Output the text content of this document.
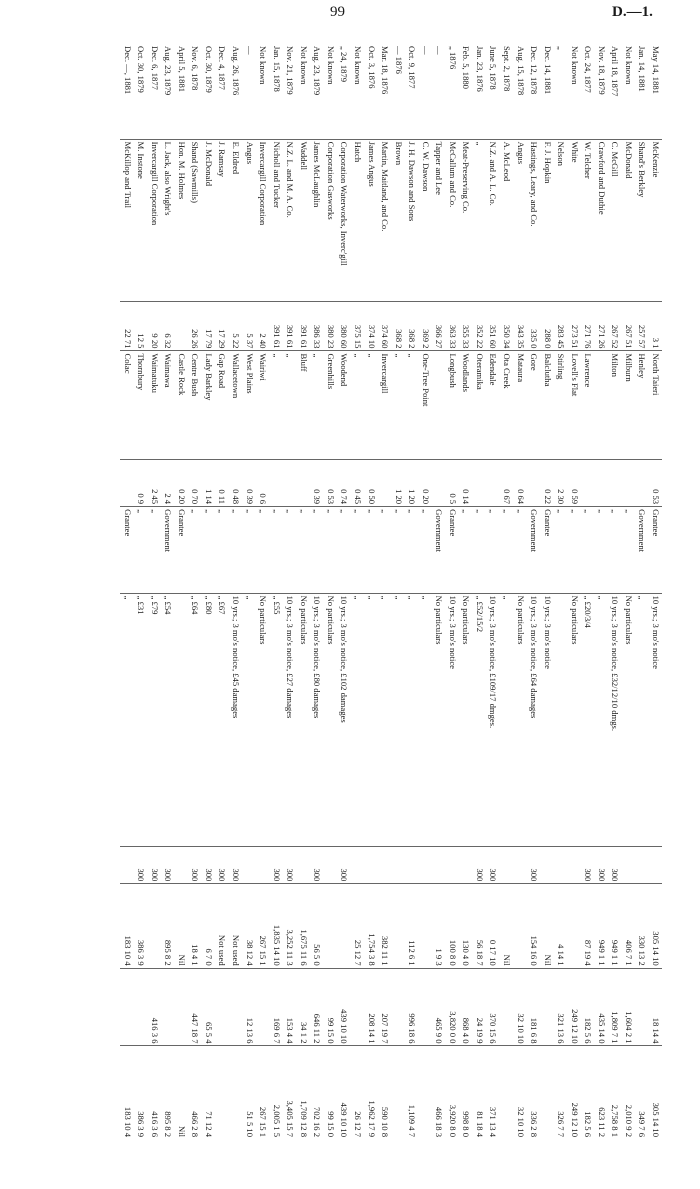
99	D.—1.
May 14, 1881	McKenzie	3 1	North Taieri	0 53	Grantee	10 yrs.; 3 mo's notice		305 14 10	18 14 4	305 14 10
Jan. 14, 1881	Shand's Berkley	257 57	Henley		Government	„		330 13 2		349 7 6
Not known	McDonald	267 51	Milburn		„	No particulars		406 7 1	1,604 2 1	2,010 9 2
April 18, 1877	C. McGill	267 52	Milton		„	10 yrs.; 3 mo's notice, £32/12/10 dmgs.	300	949 1 1	1,809 7 1	2,758 8 1
Nov. 18, 1879	Crawford and Duthie	271 26			„	„	300	949 1 1	435 14 0	623 11 2
Oct. 24, 1877	W. Telcher	271 76	Lawrence		„	„ £20/3/4	300	87 19 4	182 5 6	182 5 6
Not known	White	273 51	Lovell's Flat	0 59	„	No particulars			249 12 10	249 12 10
„	Nelson	283 45	Stirling	2 30	„			4 14 1	321 13 6	326 7 7
Dec. 14, 1881	F. J. Hopkin	288 0	Balclutha	0 22	Grantee	10 yrs.; 3 mo's notice		Nil		
Dec. 12, 1878	Hastings, Leary, and Co.	335 0	Gore		Government	10 yrs.; 3 mo's notice, £64 damages	300	154 16 0	181 6 8	336 2 8
Aug. 15, 1878	Angus	343 35	Mataura	0 64	„	No particulars			32 10 10	32 10 10
Sept. 2, 1878	A. McLeod	350 34	Ota Creek	0 67	„	„		Nil		
June 5, 1878	N.Z. and A. L. Co.	351 60	Edendale		„	10 yrs.; 3 mo's notice, £109/17 dmges.	300	0 17 10	370 15 6	371 13 4
Jan. 23, 1876	„	352 22	Oteramika		„	„ £52/15/2	300	56 18 7	24 19 9	81 18 4
Feb. 5, 1880	Meat-Preserving Co.	355 33	Woodlands	0 14	„	No particulars		130 4 0	868 4 0	998 8 0
„ 1876	McCallum and Co.	363 33	Longbush	0 5	Grantee	10 yrs.; 3 mo's notice		100 8 0	3,820 0 0	3,920 8 0
—	Tapper and Lee	366 27			Government	No particulars		1 9 3	465 9 0	466 18 3
—	C. W. Dawson	369 2	One-Tree Point	0 20	„	„				
Oct. 9, 1877	J. H. Dawson and Sons	368 2	„	1 20	„	„		112 6 1	996 18 6	1,109 4 7
— 1876	Brown	368 2	„	1 20	„	„				
Mar. 18, 1876	Martin, Maitland, and Co.	374 60	Invercargill		„	„		382 11 1	207 19 7	590 10 8
Oct. 3, 1876	James Angus	374 10	„	0 50	„	„		1,754 3 8	208 14 1	1,962 17 9
Not known	Hatch	375 15	„	0 45	„	„		25 12 7		26 12 7
„ 24, 1879	Corporation Waterworks, Inverc'gill	380 60	Woodend	0 74	„	10 yrs.; 3 mo's notice, £102 damages	300		439 10 10	439 10 10
Not known	Corporation Gasworks	380 23	Greenhills	0 53	„	No particulars			99 15 0	99 15 0
Aug. 23, 1879	James McLaughlin	386 33	„	0 39	„	10 yrs.; 3 mo's notice, £80 damages	300	56 5 0	646 11 2	702 16 2
Not known	Waddell	391 61	Bluff		„	No particulars		1,675 11 6	34 1 2	1,709 12 8
Nov. 21, 1879	N.Z. L. and M. A. Co.	391 61	„		„	10 yrs.; 3 mo's notice, £27 damages	300	3,252 11 3	153 4 4	3,405 15 7
Jan. 15, 1878	Nicholl and Tucker	391 61	„		„	„ £55	300	1,835 14 10	169 6 7	2,005 1 5
Not known	Invercargill Corporation	2 40	Wairiwi	0 6	„	No particulars		267 15 1		267 15 1
—	Angus	5 37	West Plains	0 39	„	„		38 12 4	12 13 6	51 5 10
Aug. 26, 1876	E. Eldred	5 22	Wallacetown	0 48	„	10 yrs.; 3 mo's notice, £45 damages	300	Not used		
Dec. 4, 1877	J. Ramsay	17 29	Gap Road	0 11	„	„ £67	300	Not used		
Oct. 30, 1879	J. McDonald	17 79	Lady Barkley	1 14	„	„ £80	300	6 7 0	65 5 4	71 12 4
Nov. 6, 1878	Shand (Sawmills)	26 26	Centre Bush	0 70	„	„ £64	300	18 4 1	447 18 7	466 2 8
April 5, 1881	Hon. M. Holmes		Castle Rock	0 20	Grantee			Nil		Nil
Aug. 23, 1879	L. Jack, also Wright's	6 32	Waimawa	2 4	Government	„ £54	300	895 8 2		895 8 2
Dec. 6, 1877	Invercargill Corporation	9 20	Waimatuku	2 45	„	„ £79	300		416 3 6	416 3 6
Oct. 30, 1879	M. Instone	12 5	Thornbury	0 9	„	„ £31	300	386 3 9		386 3 9
Dec. —, 1881	McKillop and Trail	22 71	Colac		Grantee	„		183 10 4		183 10 4
